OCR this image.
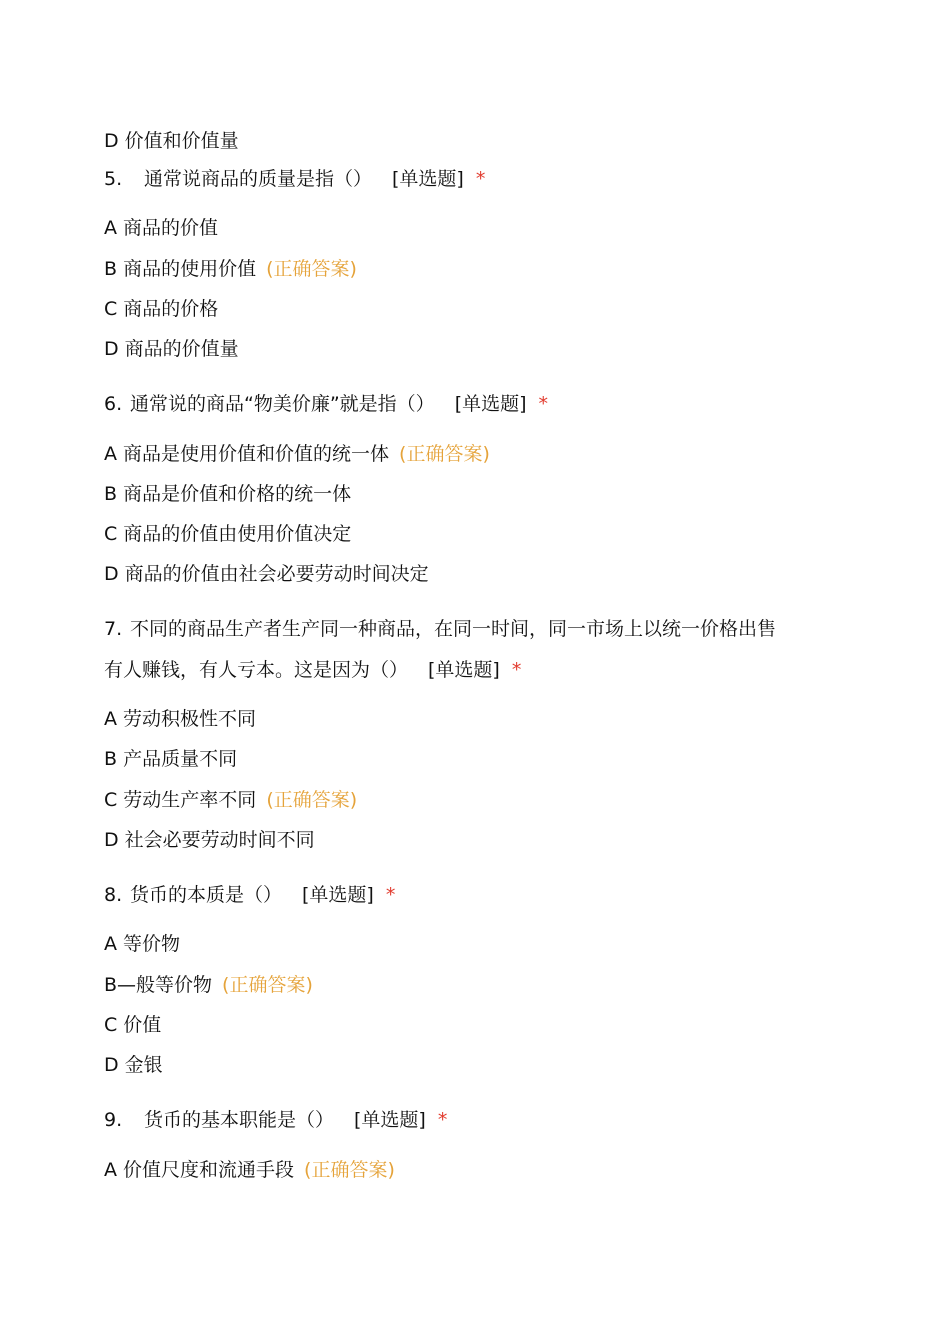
D 价值和价值量
5. 通常说商品的质量是指（） [单选题] *
A 商品的价值
B 商品的使用价值 (正确答案)
C 商品的价格
D 商品的价值量
6. 通常说的商品“物美价廉”就是指（） [单选题] *
A 商品是使用价值和价值的统一体 (正确答案)
B 商品是价值和价格的统一体
C 商品的价值由使用价值决定
D 商品的价值由社会必要劳动时间决定
7. 不同的商品生产者生产同一种商品，在同一时间，同一市场上以统一价格出售
有人赚钱，有人亏本。这是因为（） [单选题] *
A 劳动积极性不同
B 产品质量不同
C 劳动生产率不同 (正确答案)
D 社会必要劳动时间不同
8. 货币的本质是（） [单选题] *
A 等价物
B—般等价物 (正确答案)
C 价值
D 金银
9. 货币的基本职能是（） [单选题] *
A 价值尺度和流通手段 (正确答案)
